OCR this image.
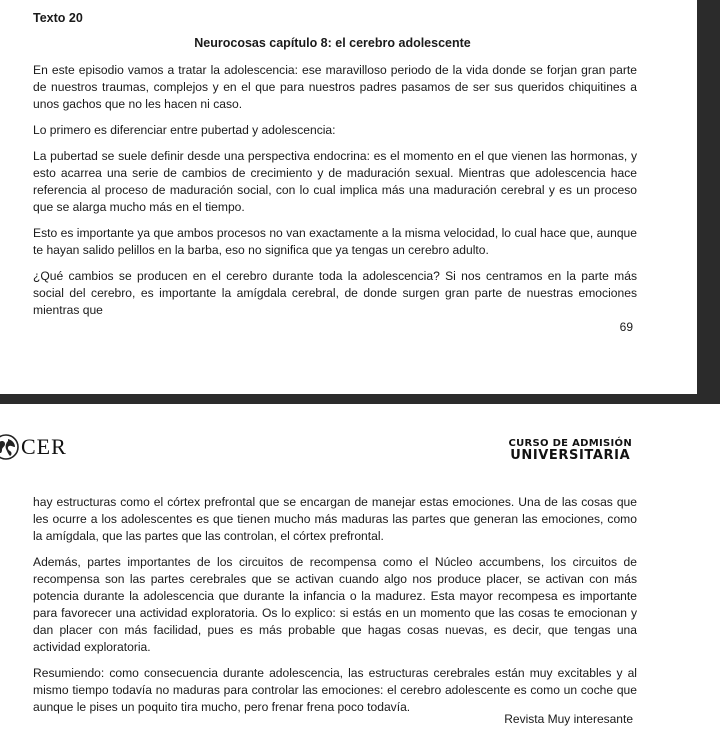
Texto 20
Neurocosas capítulo 8: el cerebro adolescente

En este episodio vamos a tratar la adolescencia: ese maravilloso periodo de la vida donde se forjan gran parte de nuestros traumas, complejos y en el que para nuestros padres pasamos de ser sus queridos chiquitines a unos gachos que no les hacen ni caso.

Lo primero es diferenciar entre pubertad y adolescencia:

La pubertad se suele definir desde una perspectiva endocrina: es el momento en el que vienen las hormonas, y esto acarrea una serie de cambios de crecimiento y de maduración sexual. Mientras que adolescencia hace referencia al proceso de maduración social, con lo cual implica más una maduración cerebral y es un proceso que se alarga mucho más en el tiempo.

Esto es importante ya que ambos procesos no van exactamente a la misma velocidad, lo cual hace que, aunque te hayan salido pelillos en la barba, eso no significa que ya tengas un cerebro adulto.

¿Qué cambios se producen en el cerebro durante toda la adolescencia? Si nos centramos en la parte más social del cerebro, es importante la amígdala cerebral, de donde surgen gran parte de nuestras emociones mientras que

69
CER	CURSO DE ADMISIÓN
UNIVERSITARIA

hay estructuras como el córtex prefrontal que se encargan de manejar estas emociones. Una de las cosas que les ocurre a los adolescentes es que tienen mucho más maduras las partes que generan las emociones, como la amígdala, que las partes que las controlan, el córtex prefrontal.

Además, partes importantes de los circuitos de recompensa como el Núcleo accumbens, los circuitos de recompensa son las partes cerebrales que se activan cuando algo nos produce placer, se activan con más potencia durante la adolescencia que durante la infancia o la madurez. Esta mayor recompesa es importante para favorecer una actividad exploratoria. Os lo explico: si estás en un momento que las cosas te emocionan y dan placer con más facilidad, pues es más probable que hagas cosas nuevas, es decir, que tengas una actividad exploratoria.

Resumiendo: como consecuencia durante adolescencia, las estructuras cerebrales están muy excitables y al mismo tiempo todavía no maduras para controlar las emociones: el cerebro adolescente es como un coche que aunque le pises un poquito tira mucho, pero frenar frena poco todavía.

Revista Muy interesante
